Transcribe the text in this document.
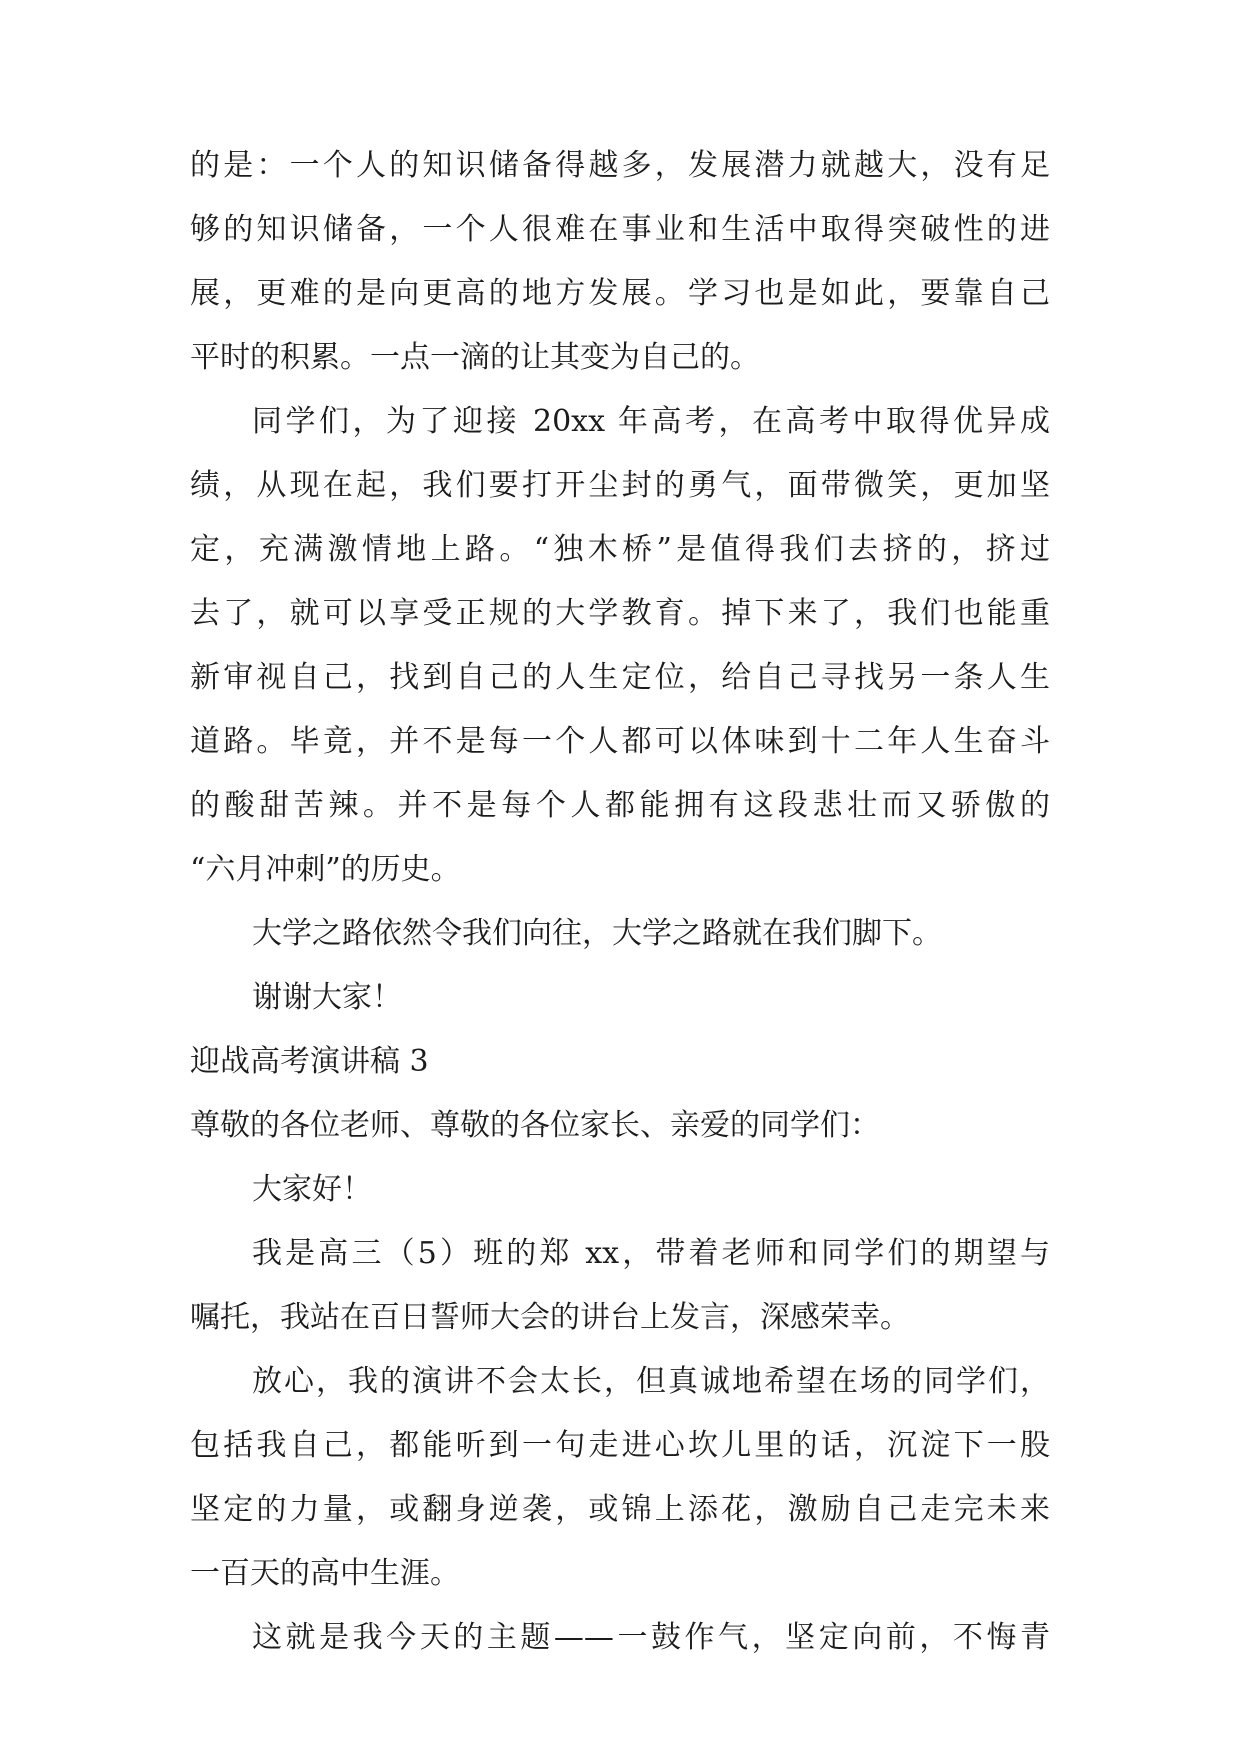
的是：一个人的知识储备得越多，发展潜力就越大，没有足
够的知识储备，一个人很难在事业和生活中取得突破性的进
展，更难的是向更高的地方发展。学习也是如此，要靠自己
平时的积累。一点一滴的让其变为自己的。
同学们，为了迎接 20xx 年高考，在高考中取得优异成
绩，从现在起，我们要打开尘封的勇气，面带微笑，更加坚
定，充满激情地上路。“独木桥”是值得我们去挤的，挤过
去了，就可以享受正规的大学教育。掉下来了，我们也能重
新审视自己，找到自己的人生定位，给自己寻找另一条人生
道路。毕竟，并不是每一个人都可以体味到十二年人生奋斗
的酸甜苦辣。并不是每个人都能拥有这段悲壮而又骄傲的
“六月冲刺”的历史。
大学之路依然令我们向往，大学之路就在我们脚下。
谢谢大家！
迎战高考演讲稿 3
尊敬的各位老师、尊敬的各位家长、亲爱的同学们：
大家好！
我是高三（5）班的郑 xx，带着老师和同学们的期望与
嘱托，我站在百日誓师大会的讲台上发言，深感荣幸。
放心，我的演讲不会太长，但真诚地希望在场的同学们，
包括我自己，都能听到一句走进心坎儿里的话，沉淀下一股
坚定的力量，或翻身逆袭，或锦上添花，激励自己走完未来
一百天的高中生涯。
这就是我今天的主题——一鼓作气，坚定向前，不悔青
